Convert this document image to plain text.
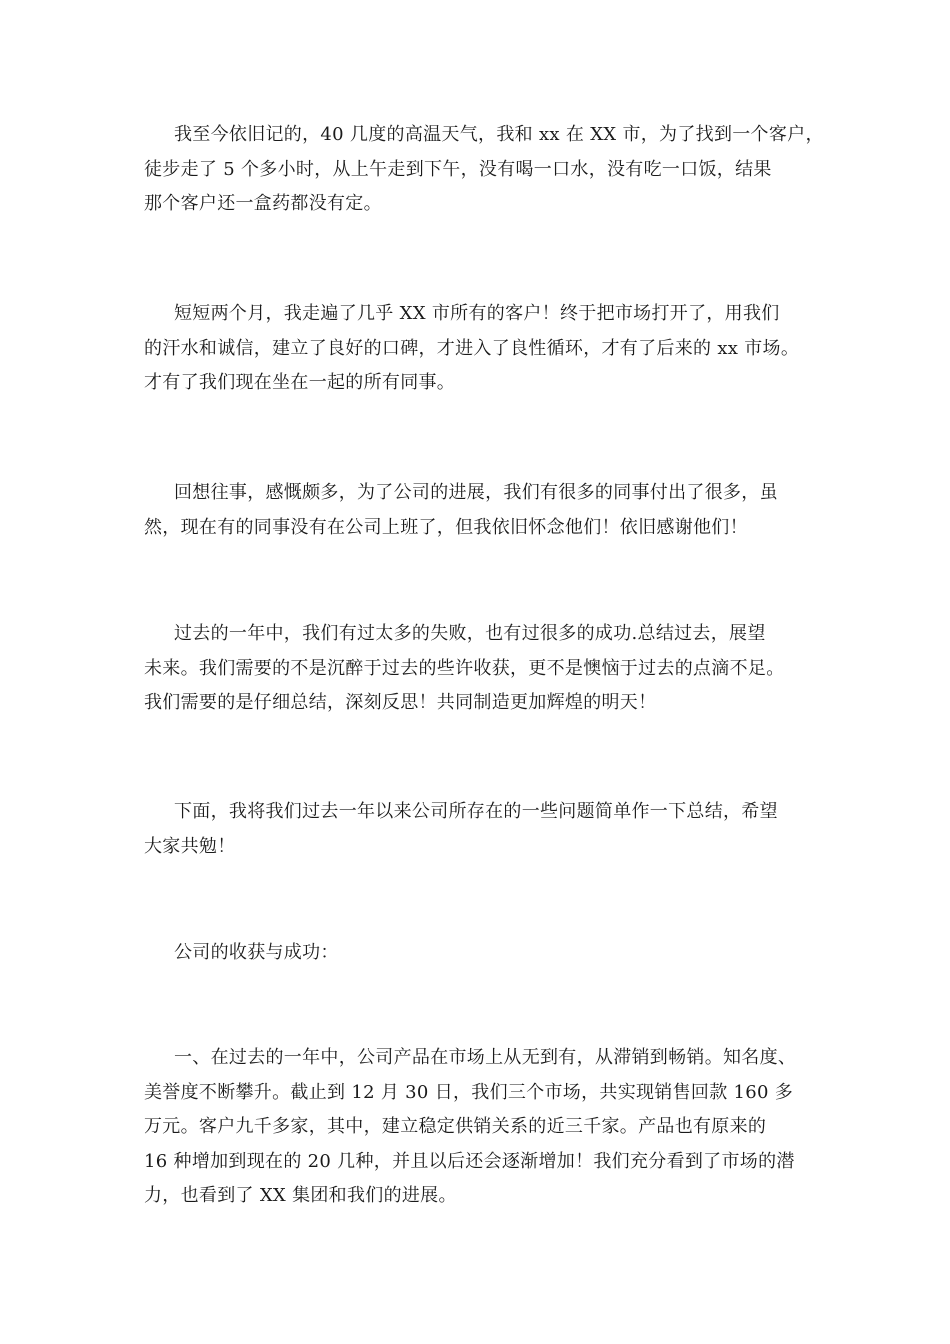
我至今依旧记的，40 几度的高温天气，我和 xx 在 XX 市，为了找到一个客户，
徒步走了 5 个多小时，从上午走到下午，没有喝一口水，没有吃一口饭，结果
那个客户还一盒药都没有定。
短短两个月，我走遍了几乎 XX 市所有的客户！终于把市场打开了，用我们
的汗水和诚信，建立了良好的口碑，才进入了良性循环，才有了后来的 xx 市场。
才有了我们现在坐在一起的所有同事。
回想往事，感慨颇多，为了公司的进展，我们有很多的同事付出了很多，虽
然，现在有的同事没有在公司上班了，但我依旧怀念他们！依旧感谢他们！
过去的一年中，我们有过太多的失败，也有过很多的成功.总结过去，展望
未来。我们需要的不是沉醉于过去的些许收获，更不是懊恼于过去的点滴不足。
我们需要的是仔细总结，深刻反思！共同制造更加辉煌的明天！
下面，我将我们过去一年以来公司所存在的一些问题简单作一下总结，希望
大家共勉！
公司的收获与成功：
一、在过去的一年中，公司产品在市场上从无到有，从滞销到畅销。知名度、
美誉度不断攀升。截止到 12 月 30 日，我们三个市场，共实现销售回款 160 多
万元。客户九千多家，其中，建立稳定供销关系的近三千家。产品也有原来的
16 种增加到现在的 20 几种，并且以后还会逐渐增加！我们充分看到了市场的潜
力，也看到了 XX 集团和我们的进展。
